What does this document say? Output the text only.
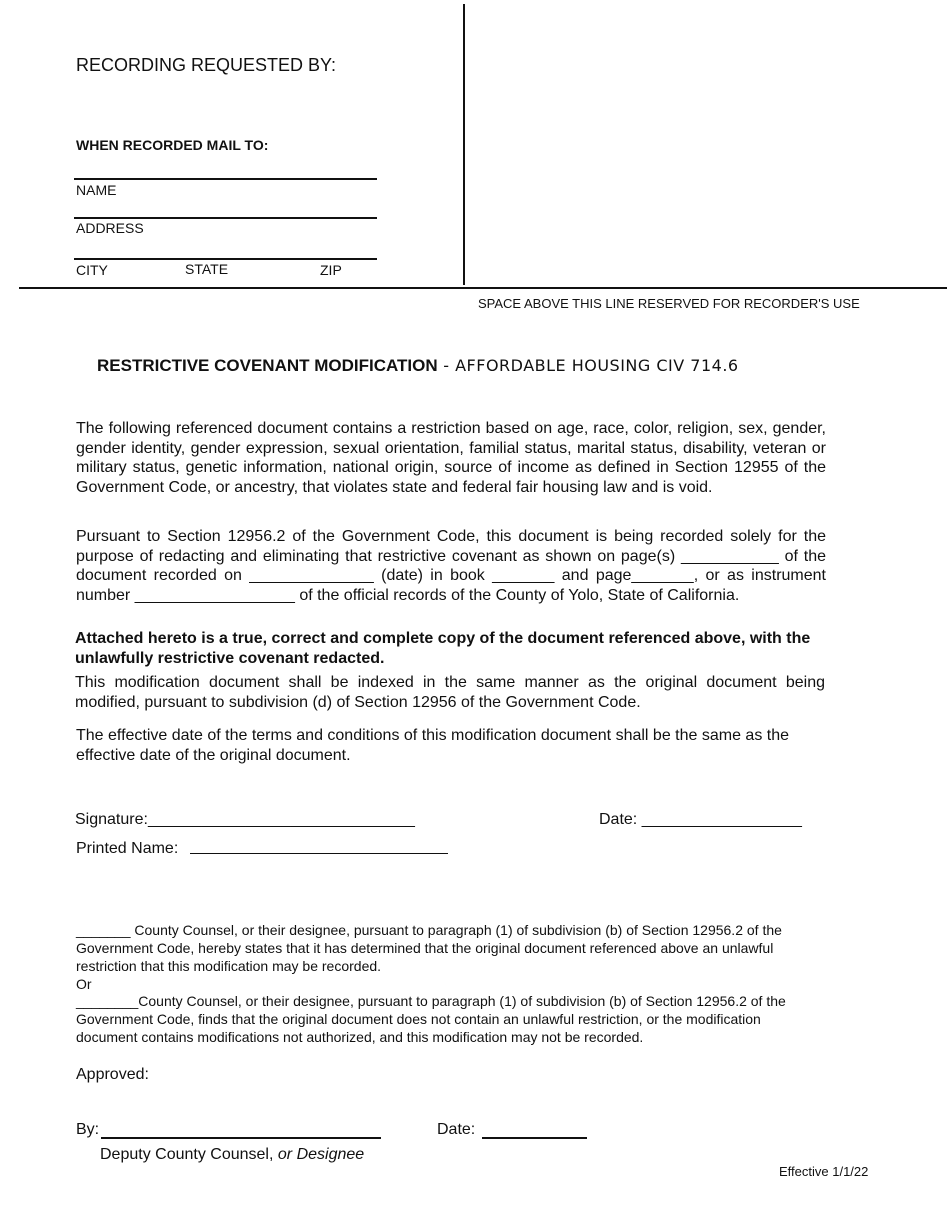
RECORDING REQUESTED BY:
WHEN RECORDED MAIL TO:
NAME
ADDRESS
CITY	STATE	ZIP
SPACE ABOVE THIS LINE RESERVED FOR RECORDER'S USE
RESTRICTIVE COVENANT MODIFICATION - AFFORDABLE HOUSING CIV 714.6
The following referenced document contains a restriction based on age, race, color, religion, sex, gender, gender identity, gender expression, sexual orientation, familial status, marital status, disability, veteran or military status, genetic information, national origin, source of income as defined in Section 12955 of the Government Code, or ancestry, that violates state and federal fair housing law and is void.
Pursuant to Section 12956.2 of the Government Code, this document is being recorded solely for the purpose of redacting and eliminating that restrictive covenant as shown on page(s) ___________ of the document recorded on ______________ (date) in book _______ and page_______, or as instrument number __________________ of the official records of the County of Yolo, State of California.
Attached hereto is a true, correct and complete copy of the document referenced above, with the unlawfully restrictive covenant redacted.
This modification document shall be indexed in the same manner as the original document being modified, pursuant to subdivision (d) of Section 12956 of the Government Code.
The effective date of the terms and conditions of this modification document shall be the same as the effective date of the original document.
Signature:______________________________	Date: __________________
Printed Name:
_______ County Counsel, or their designee, pursuant to paragraph (1) of subdivision (b) of Section 12956.2 of the Government Code, hereby states that it has determined that the original document referenced above an unlawful restriction that this modification may be recorded.
Or
________County Counsel, or their designee, pursuant to paragraph (1) of subdivision (b) of Section 12956.2 of the Government Code, finds that the original document does not contain an unlawful restriction, or the modification document contains modifications not authorized, and this modification may not be recorded.
Approved:
By:	Date:
Deputy County Counsel, or Designee
Effective 1/1/22
